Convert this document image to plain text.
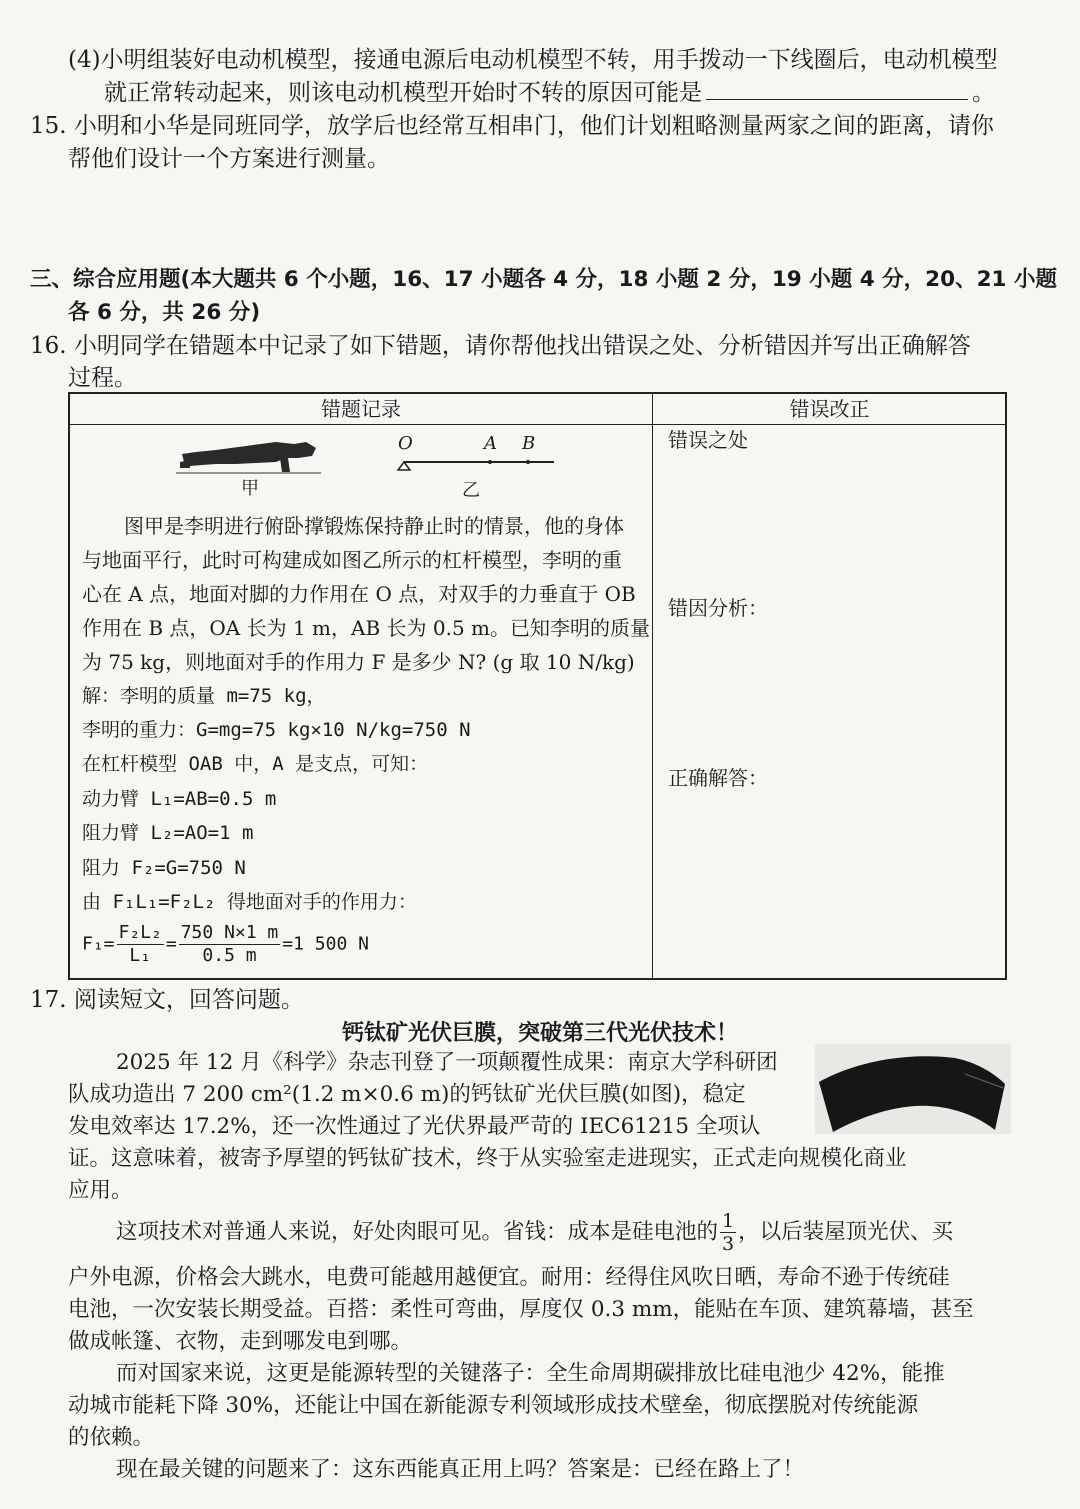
(4)小明组装好电动机模型，接通电源后电动机模型不转，用手拨动一下线圈后，电动机模型
就正常转动起来，则该电动机模型开始时不转的原因可能是	。
15. 小明和小华是同班同学，放学后也经常互相串门，他们计划粗略测量两家之间的距离，请你
帮他们设计一个方案进行测量。
三、综合应用题(本大题共 6 个小题，16、17 小题各 4 分，18 小题 2 分，19 小题 4 分，20、21 小题
各 6 分，共 26 分)
16. 小明同学在错题本中记录了如下错题，请你帮他找出错误之处、分析错因并写出正确解答
过程。
错题记录	错误改正
甲
O	A B
乙
图甲是李明进行俯卧撑锻炼保持静止时的情景，他的身体
与地面平行，此时可构建成如图乙所示的杠杆模型，李明的重
心在 A 点，地面对脚的力作用在 O 点，对双手的力垂直于 OB
作用在 B 点，OA 长为 1 m，AB 长为 0.5 m。已知李明的质量
为 75 kg，则地面对手的作用力 F 是多少 N? (g 取 10 N/kg)
解：李明的质量 m=75 kg，
李明的重力：G=mg=75 kg×10 N/kg=750 N
在杠杆模型 OAB 中，A 是支点，可知：
动力臂 L₁=AB=0.5 m
阻力臂 L₂=AO=1 m
阻力 F₂=G=750 N
由 F₁L₁=F₂L₂ 得地面对手的作用力：
$F_1= \frac{\text{F₂L₂}}{\text{L₁}} = \frac{750 N\times 1 m}{0.5 m} =1$ 500 N
错误之处
错因分析：
正确解答：
17. 阅读短文，回答问题。
钙钛矿光伏巨膜，突破第三代光伏技术！
2025 年 12 月《科学》杂志刊登了一项颠覆性成果：南京大学科研团
队成功造出 7 200 cm²(1.2 m×0.6 m)的钙钛矿光伏巨膜(如图)，稳定
发电效率达 17.2%，还一次性通过了光伏界最严苛的 IEC61215 全项认
证。这意味着，被寄予厚望的钙钛矿技术，终于从实验室走进现实，正式走向规模化商业
应用。
这项技术对普通人来说，好处肉眼可见。省钱：成本是硅电池的 $\frac{1}{3}$ ，以后装屋顶光伏、买
户外电源，价格会大跳水，电费可能越用越便宜。耐用：经得住风吹日晒，寿命不逊于传统硅
电池，一次安装长期受益。百搭：柔性可弯曲，厚度仅 0.3 mm，能贴在车顶、建筑幕墙，甚至
做成帐篷、衣物，走到哪发电到哪。
而对国家来说，这更是能源转型的关键落子：全生命周期碳排放比硅电池少 42%，能推
动城市能耗下降 30%，还能让中国在新能源专利领域形成技术壁垒，彻底摆脱对传统能源
的依赖。
现在最关键的问题来了：这东西能真正用上吗？答案是：已经在路上了！
